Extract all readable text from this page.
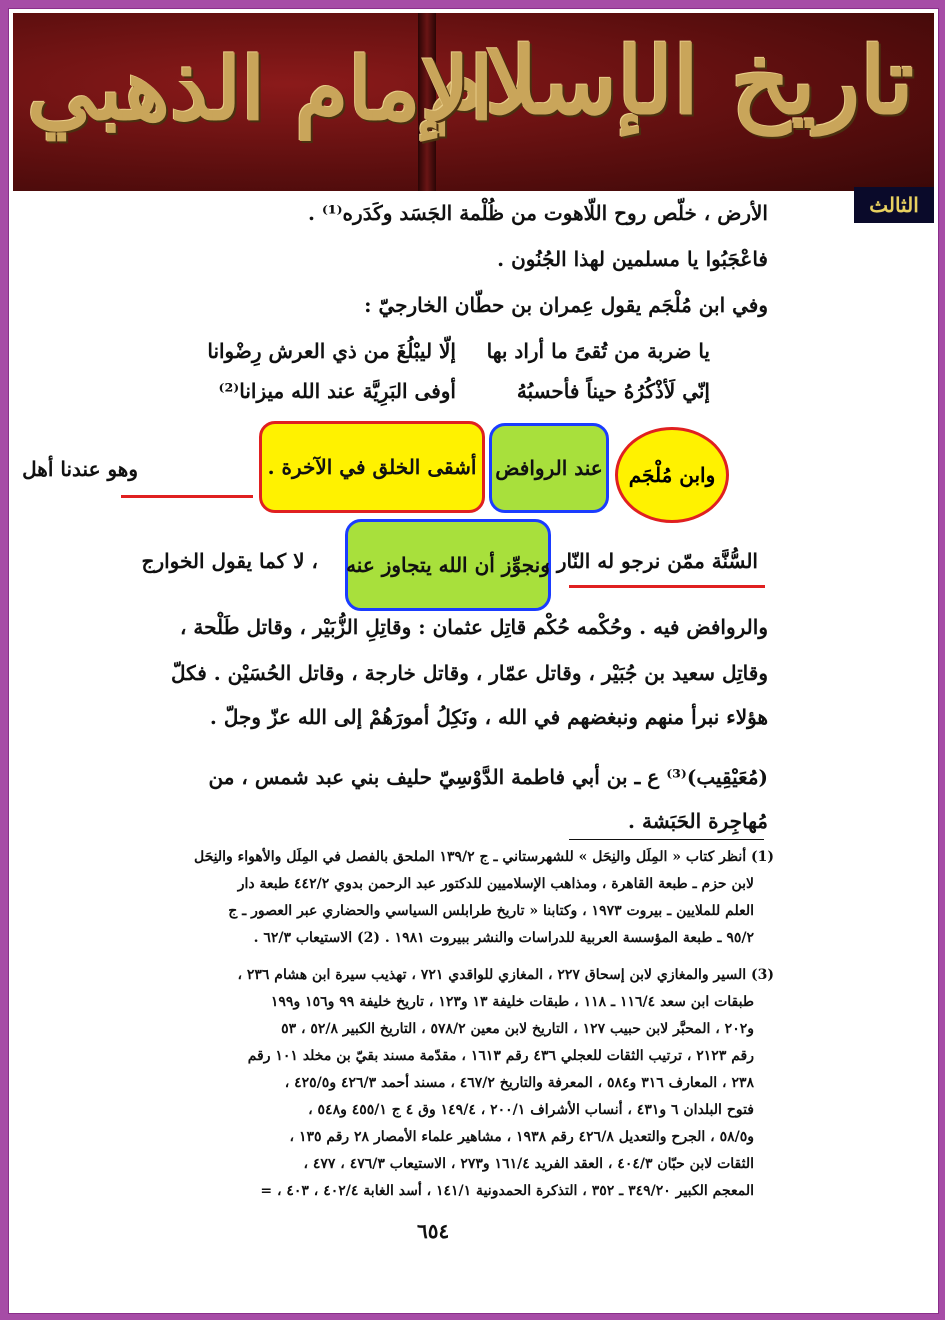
تاريخ الإسلام
الإمام الذهبي
الثالث
الأرض ، خلّص روح اللّاهوت من ظُلْمة الجَسَد وكَدَره⁽¹⁾ .
فاعْجَبُوا يا مسلمين لهذا الجُنُون .
وفي ابن مُلْجَم يقول عِمران بن حطّان الخارجيّ :
يا ضربة من تُقىً ما أراد بها
إلّا ليبْلُغَ من ذي العرش رِضْوانا
إنّي لَأذْكُرُهُ حيناً فأحسبُهُ
أوفى البَرِيَّة عند الله ميزانا⁽²⁾
وابن مُلْجَم
عند الروافض
أشقى الخلق في الآخرة .
وهو عندنا أهل
ونجوِّز أن الله يتجاوز عنه
السُّنَّة ممّن نرجو له النّار ،
، لا كما يقول الخوارج
والروافض فيه . وحُكْمه حُكْم قاتِل عثمان : وقاتِلِ الزُّبَيْر ، وقاتل طَلْحة ،
وقاتِل سعيد بن جُبَيْر ، وقاتل عمّار ، وقاتل خارجة ، وقاتل الحُسَيْن . فكلّ
هؤلاء نبرأ منهم ونبغضهم في الله ، ونَكِلُ أمورَهُمْ إلى الله عزّ وجلّ .
(مُعَيْقِيب)⁽³⁾ ع ـ بن أبي فاطمة الدَّوْسِيّ حليف بني عبد شمس ، من
مُهاجِرة الحَبَشة .
(1) أنظر كتاب « المِلَل والنِحَل » للشهرستاني ـ ج ١٣٩/٢ الملحق بالفصل في المِلَل والأهواء والنِحَل
لابن حزم ـ طبعة القاهرة ، ومذاهب الإسلاميين للدكتور عبد الرحمن بدوي ٤٤٢/٢ طبعة دار
العلم للملايين ـ بيروت ١٩٧٣ ، وكتابنا « تاريخ طرابلس السياسي والحضاري عبر العصور ـ ج
٩٥/٢ ـ طبعة المؤسسة العربية للدراسات والنشر ببيروت ١٩٨١ . (2) الاستيعاب ٦٢/٣ .
(3) السير والمغازي لابن إسحاق ٢٢٧ ، المغازي للواقدي ٧٢١ ، تهذيب سيرة ابن هشام ٢٣٦ ،
طبقات ابن سعد ١١٦/٤ ـ ١١٨ ، طبقات خليفة ١٣ و١٢٣ ، تاريخ خليفة ٩٩ و١٥٦ و١٩٩
و٢٠٢ ، المحبَّر لابن حبيب ١٢٧ ، التاريخ لابن معين ٥٧٨/٢ ، التاريخ الكبير ٥٢/٨ ، ٥٣
رقم ٢١٢٣ ، ترتيب الثقات للعجلي ٤٣٦ رقم ١٦١٣ ، مقدّمة مسند بقيّ بن مخلد ١٠١ رقم
٢٣٨ ، المعارف ٣١٦ و٥٨٤ ، المعرفة والتاريخ ٤٦٧/٢ ، مسند أحمد ٤٢٦/٣ و٤٢٥/٥ ،
فتوح البلدان ٦ و٤٣١ ، أنساب الأشراف ٢٠٠/١ ، ١٤٩/٤ وق ٤ ج ٤٥٥/١ و٥٤٨ ،
و٥٨/٥ ، الجرح والتعديل ٤٢٦/٨ رقم ١٩٣٨ ، مشاهير علماء الأمصار ٢٨ رقم ١٣٥ ،
الثقات لابن حبّان ٤٠٤/٣ ، العقد الفريد ١٦١/٤ و٢٧٣ ، الاستيعاب ٤٧٦/٣ ، ٤٧٧ ،
المعجم الكبير ٣٤٩/٢٠ ـ ٣٥٢ ، التذكرة الحمدونية ١٤١/١ ، أسد الغابة ٤٠٢/٤ ، ٤٠٣ ، =
٦٥٤
